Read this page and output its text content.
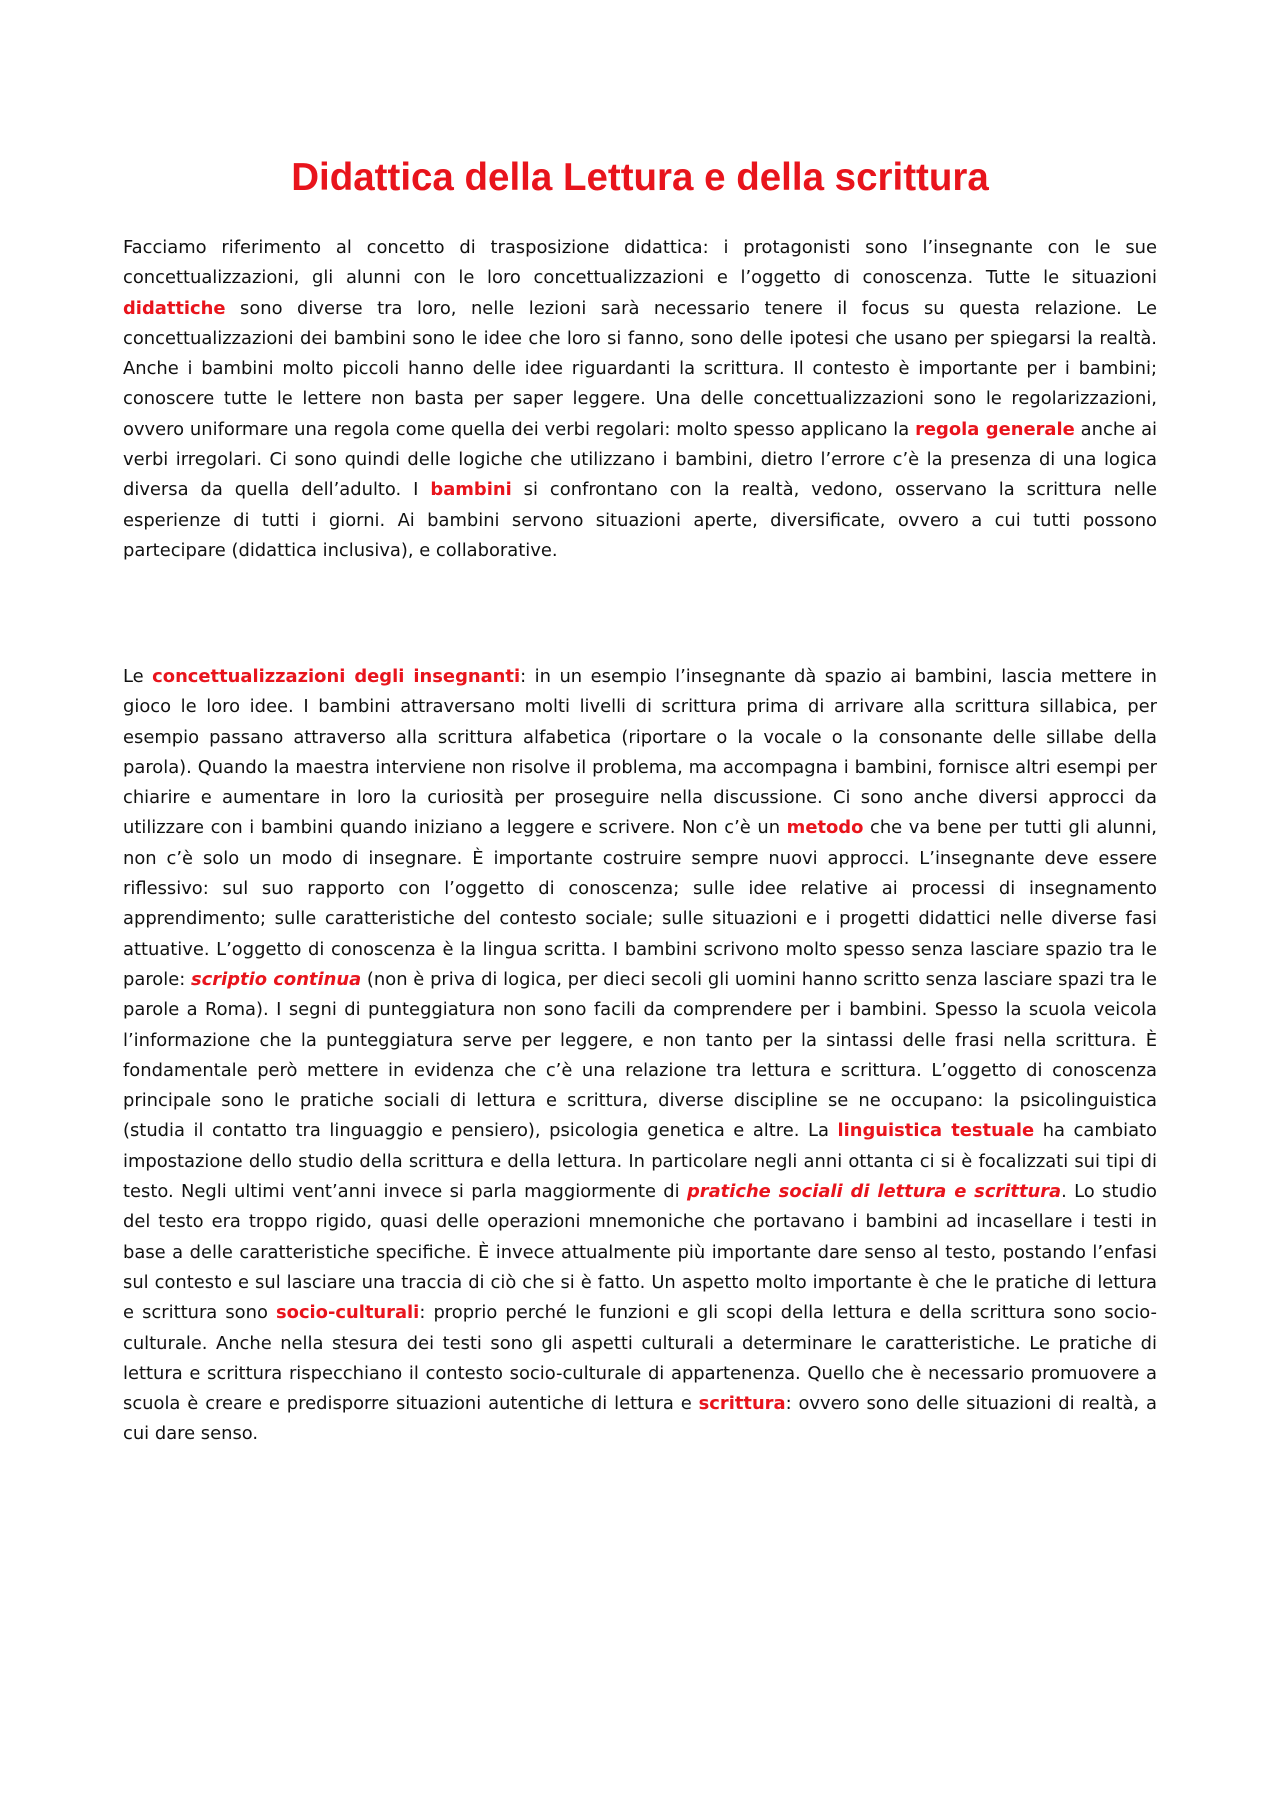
Didattica della Lettura e della scrittura

Facciamo riferimento al concetto di trasposizione didattica: i protagonisti sono l’insegnante con le sue concettualizzazioni, gli alunni con le loro concettualizzazioni e l’oggetto di conoscenza. Tutte le situazioni didattiche sono diverse tra loro, nelle lezioni sarà necessario tenere il focus su questa relazione. Le concettualizzazioni dei bambini sono le idee che loro si fanno, sono delle ipotesi che usano per spiegarsi la realtà. Anche i bambini molto piccoli hanno delle idee riguardanti la scrittura. Il contesto è importante per i bambini; conoscere tutte le lettere non basta per saper leggere. Una delle concettualizzazioni sono le regolarizzazioni, ovvero uniformare una regola come quella dei verbi regolari: molto spesso applicano la regola generale anche ai verbi irregolari. Ci sono quindi delle logiche che utilizzano i bambini, dietro l’errore c’è la presenza di una logica diversa da quella dell’adulto. I bambini si confrontano con la realtà, vedono, osservano la scrittura nelle esperienze di tutti i giorni. Ai bambini servono situazioni aperte, diversificate, ovvero a cui tutti possono partecipare (didattica inclusiva), e collaborative.

Le concettualizzazioni degli insegnanti: in un esempio l’insegnante dà spazio ai bambini, lascia mettere in gioco le loro idee. I bambini attraversano molti livelli di scrittura prima di arrivare alla scrittura sillabica, per esempio passano attraverso alla scrittura alfabetica (riportare o la vocale o la consonante delle sillabe della parola). Quando la maestra interviene non risolve il problema, ma accompagna i bambini, fornisce altri esempi per chiarire e aumentare in loro la curiosità per proseguire nella discussione. Ci sono anche diversi approcci da utilizzare con i bambini quando iniziano a leggere e scrivere. Non c’è un metodo che va bene per tutti gli alunni, non c’è solo un modo di insegnare. È importante costruire sempre nuovi approcci. L’insegnante deve essere riflessivo: sul suo rapporto con l’oggetto di conoscenza; sulle idee relative ai processi di insegnamento apprendimento; sulle caratteristiche del contesto sociale; sulle situazioni e i progetti didattici nelle diverse fasi attuative. L’oggetto di conoscenza è la lingua scritta. I bambini scrivono molto spesso senza lasciare spazio tra le parole: scriptio continua (non è priva di logica, per dieci secoli gli uomini hanno scritto senza lasciare spazi tra le parole a Roma). I segni di punteggiatura non sono facili da comprendere per i bambini. Spesso la scuola veicola l’informazione che la punteggiatura serve per leggere, e non tanto per la sintassi delle frasi nella scrittura. È fondamentale però mettere in evidenza che c’è una relazione tra lettura e scrittura. L’oggetto di conoscenza principale sono le pratiche sociali di lettura e scrittura, diverse discipline se ne occupano: la psicolinguistica (studia il contatto tra linguaggio e pensiero), psicologia genetica e altre. La linguistica testuale ha cambiato impostazione dello studio della scrittura e della lettura. In particolare negli anni ottanta ci si è focalizzati sui tipi di testo. Negli ultimi vent’anni invece si parla maggiormente di pratiche sociali di lettura e scrittura. Lo studio del testo era troppo rigido, quasi delle operazioni mnemoniche che portavano i bambini ad incasellare i testi in base a delle caratteristiche specifiche. È invece attualmente più importante dare senso al testo, postando l’enfasi sul contesto e sul lasciare una traccia di ciò che si è fatto. Un aspetto molto importante è che le pratiche di lettura e scrittura sono socio-culturali: proprio perché le funzioni e gli scopi della lettura e della scrittura sono socio-culturale. Anche nella stesura dei testi sono gli aspetti culturali a determinare le caratteristiche. Le pratiche di lettura e scrittura rispecchiano il contesto socio-culturale di appartenenza. Quello che è necessario promuovere a scuola è creare e predisporre situazioni autentiche di lettura e scrittura: ovvero sono delle situazioni di realtà, a cui dare senso.
